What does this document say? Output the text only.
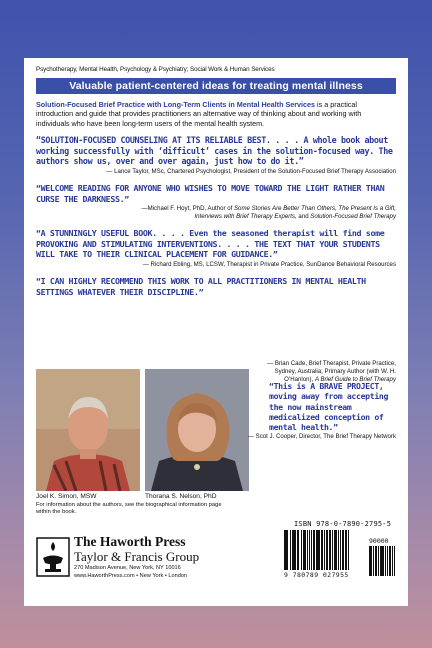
Psychotherapy, Mental Health, Psychology & Psychiatry; Social Work & Human Services
Valuable patient-centered ideas for treating mental illness
Solution-Focused Brief Practice with Long-Term Clients in Mental Health Services is a practical introduction and guide that provides practitioners an alternative way of thinking about and working with individuals who have been long-term users of the mental health system.
“SOLUTION-FOCUSED COUNSELING AT ITS RELIABLE BEST. . . . A whole book about working successfully with ‘difficult’ cases in the solution-focused way. The authors show us, over and over again, just how to do it.”
— Lance Taylor, MSc, Chartered Psychologist, President of the Solution-Focused Brief Therapy Association
“WELCOME READING FOR ANYONE WHO WISHES TO MOVE TOWARD THE LIGHT RATHER THAN CURSE THE DARKNESS.”
—Michael F. Hoyt, PhD, Author of Some Stories Are Better Than Others, The Present Is a Gift,
Interviews with Brief Therapy Experts, and Solution-Focused Brief Therapy
“A STUNNINGLY USEFUL BOOK. . . . Even the seasoned therapist will find some PROVOKING AND STIMULATING INTERVENTIONS. . . . THE TEXT THAT YOUR STUDENTS WILL TAKE TO THEIR CLINICAL PLACEMENT FOR GUIDANCE.”
— Richard Ebling, MS, LCSW, Therapist in Private Practice, SunDance Behavioral Resources
“I CAN HIGHLY RECOMMEND THIS WORK TO ALL PRACTITIONERS IN MENTAL HEALTH SETTINGS WHATEVER THEIR DISCIPLINE.”
Joel K. Simon, MSW	Thorana S. Nelson, PhD
For information about the authors, see the biographical information page within the book.
— Brian Cade, Brief Therapist, Private Practice,
Sydney, Australia; Primary Author (with W. H.
O’Hanlon), A Brief Guide to Brief Therapy
“This is A BRAVE PROJECT, moving away from accepting the now mainstream medicalized conception of mental health.”
— Scot J. Cooper, Director, The Brief Therapy Network
The Haworth Press
Taylor & Francis Group
270 Madison Avenue, New York, NY 10016
www.HaworthPress.com • New York • London
ISBN 978-0-7890-2795-5
9 780789 027955
90000
